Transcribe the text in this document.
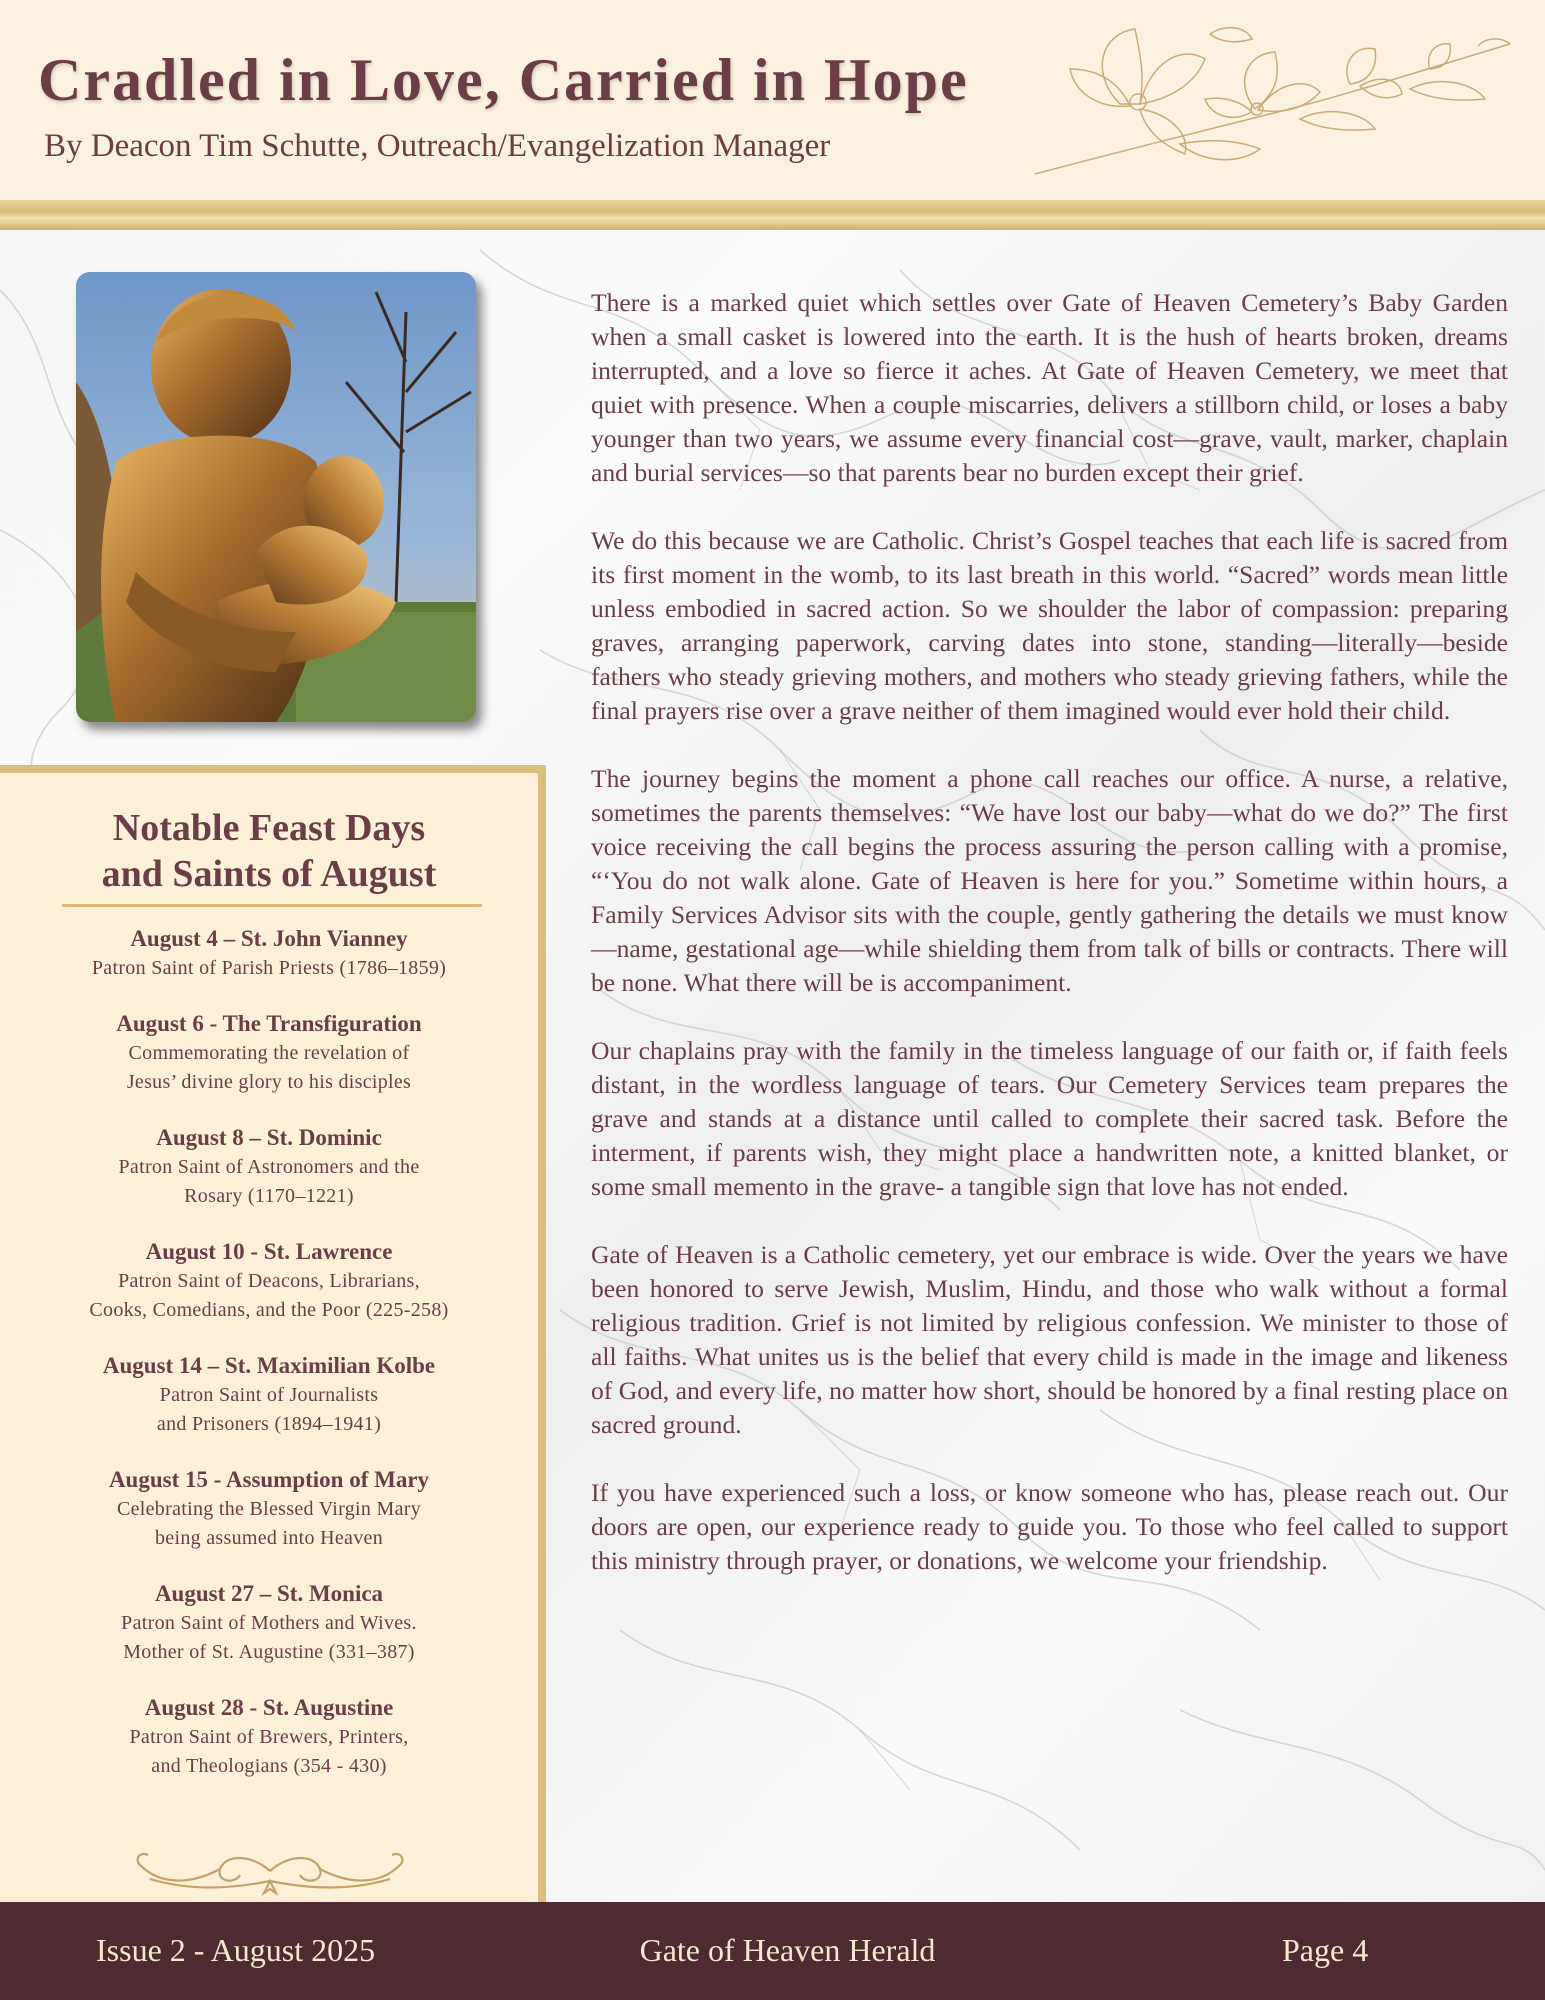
Cradled in Love, Carried in Hope
By Deacon Tim Schutte, Outreach/Evangelization Manager
Notable Feast Days
and Saints of August
August 4 – St. John Vianney
Patron Saint of Parish Priests (1786–1859)
August 6 - The Transfiguration
Commemorating the revelation of
Jesus’ divine glory to his disciples
August 8 – St. Dominic
Patron Saint of Astronomers and the
Rosary (1170–1221)
August 10 - St. Lawrence
Patron Saint of Deacons, Librarians,
Cooks, Comedians, and the Poor (225-258)
August 14 – St. Maximilian Kolbe
Patron Saint of Journalists
and Prisoners (1894–1941)
August 15 - Assumption of Mary
Celebrating the Blessed Virgin Mary
being assumed into Heaven
August 27 – St. Monica
Patron Saint of Mothers and Wives.
Mother of St. Augustine (331–387)
August 28 - St. Augustine
Patron Saint of Brewers, Printers,
and Theologians (354 - 430)

There is a marked quiet which settles over Gate of Heaven Cemetery’s Baby Garden when a small casket is lowered into the earth. It is the hush of hearts broken, dreams interrupted, and a love so fierce it aches. At Gate of Heaven Cemetery, we meet that quiet with presence. When a couple miscarries, delivers a stillborn child, or loses a baby younger than two years, we assume every financial cost—grave, vault, marker, chaplain and burial services—so that parents bear no burden except their grief.

We do this because we are Catholic. Christ’s Gospel teaches that each life is sacred from its first moment in the womb, to its last breath in this world. “Sacred” words mean little unless embodied in sacred action. So we shoulder the labor of compassion: preparing graves, arranging paperwork, carving dates into stone, standing—literally—beside fathers who steady grieving mothers, and mothers who steady grieving fathers, while the final prayers rise over a grave neither of them imagined would ever hold their child.

The journey begins the moment a phone call reaches our office. A nurse, a relative, sometimes the parents themselves: “We have lost our baby—what do we do?” The first voice receiving the call begins the process assuring the person calling with a promise, “‘You do not walk alone. Gate of Heaven is here for you.” Sometime within hours, a Family Services Advisor sits with the couple, gently gathering the details we must know—name, gestational age—while shielding them from talk of bills or contracts. There will be none. What there will be is accompaniment.

Our chaplains pray with the family in the timeless language of our faith or, if faith feels distant, in the wordless language of tears. Our Cemetery Services team prepares the grave and stands at a distance until called to complete their sacred task. Before the interment, if parents wish, they might place a handwritten note, a knitted blanket, or some small memento in the grave- a tangible sign that love has not ended.

Gate of Heaven is a Catholic cemetery, yet our embrace is wide. Over the years we have been honored to serve Jewish, Muslim, Hindu, and those who walk without a formal religious tradition. Grief is not limited by religious confession. We minister to those of all faiths. What unites us is the belief that every child is made in the image and likeness of God, and every life, no matter how short, should be honored by a final resting place on sacred ground.

If you have experienced such a loss, or know someone who has, please reach out. Our doors are open, our experience ready to guide you. To those who feel called to support this ministry through prayer, or donations, we welcome your friendship.

Issue 2 - August 2025	Gate of Heaven Herald	Page 4
